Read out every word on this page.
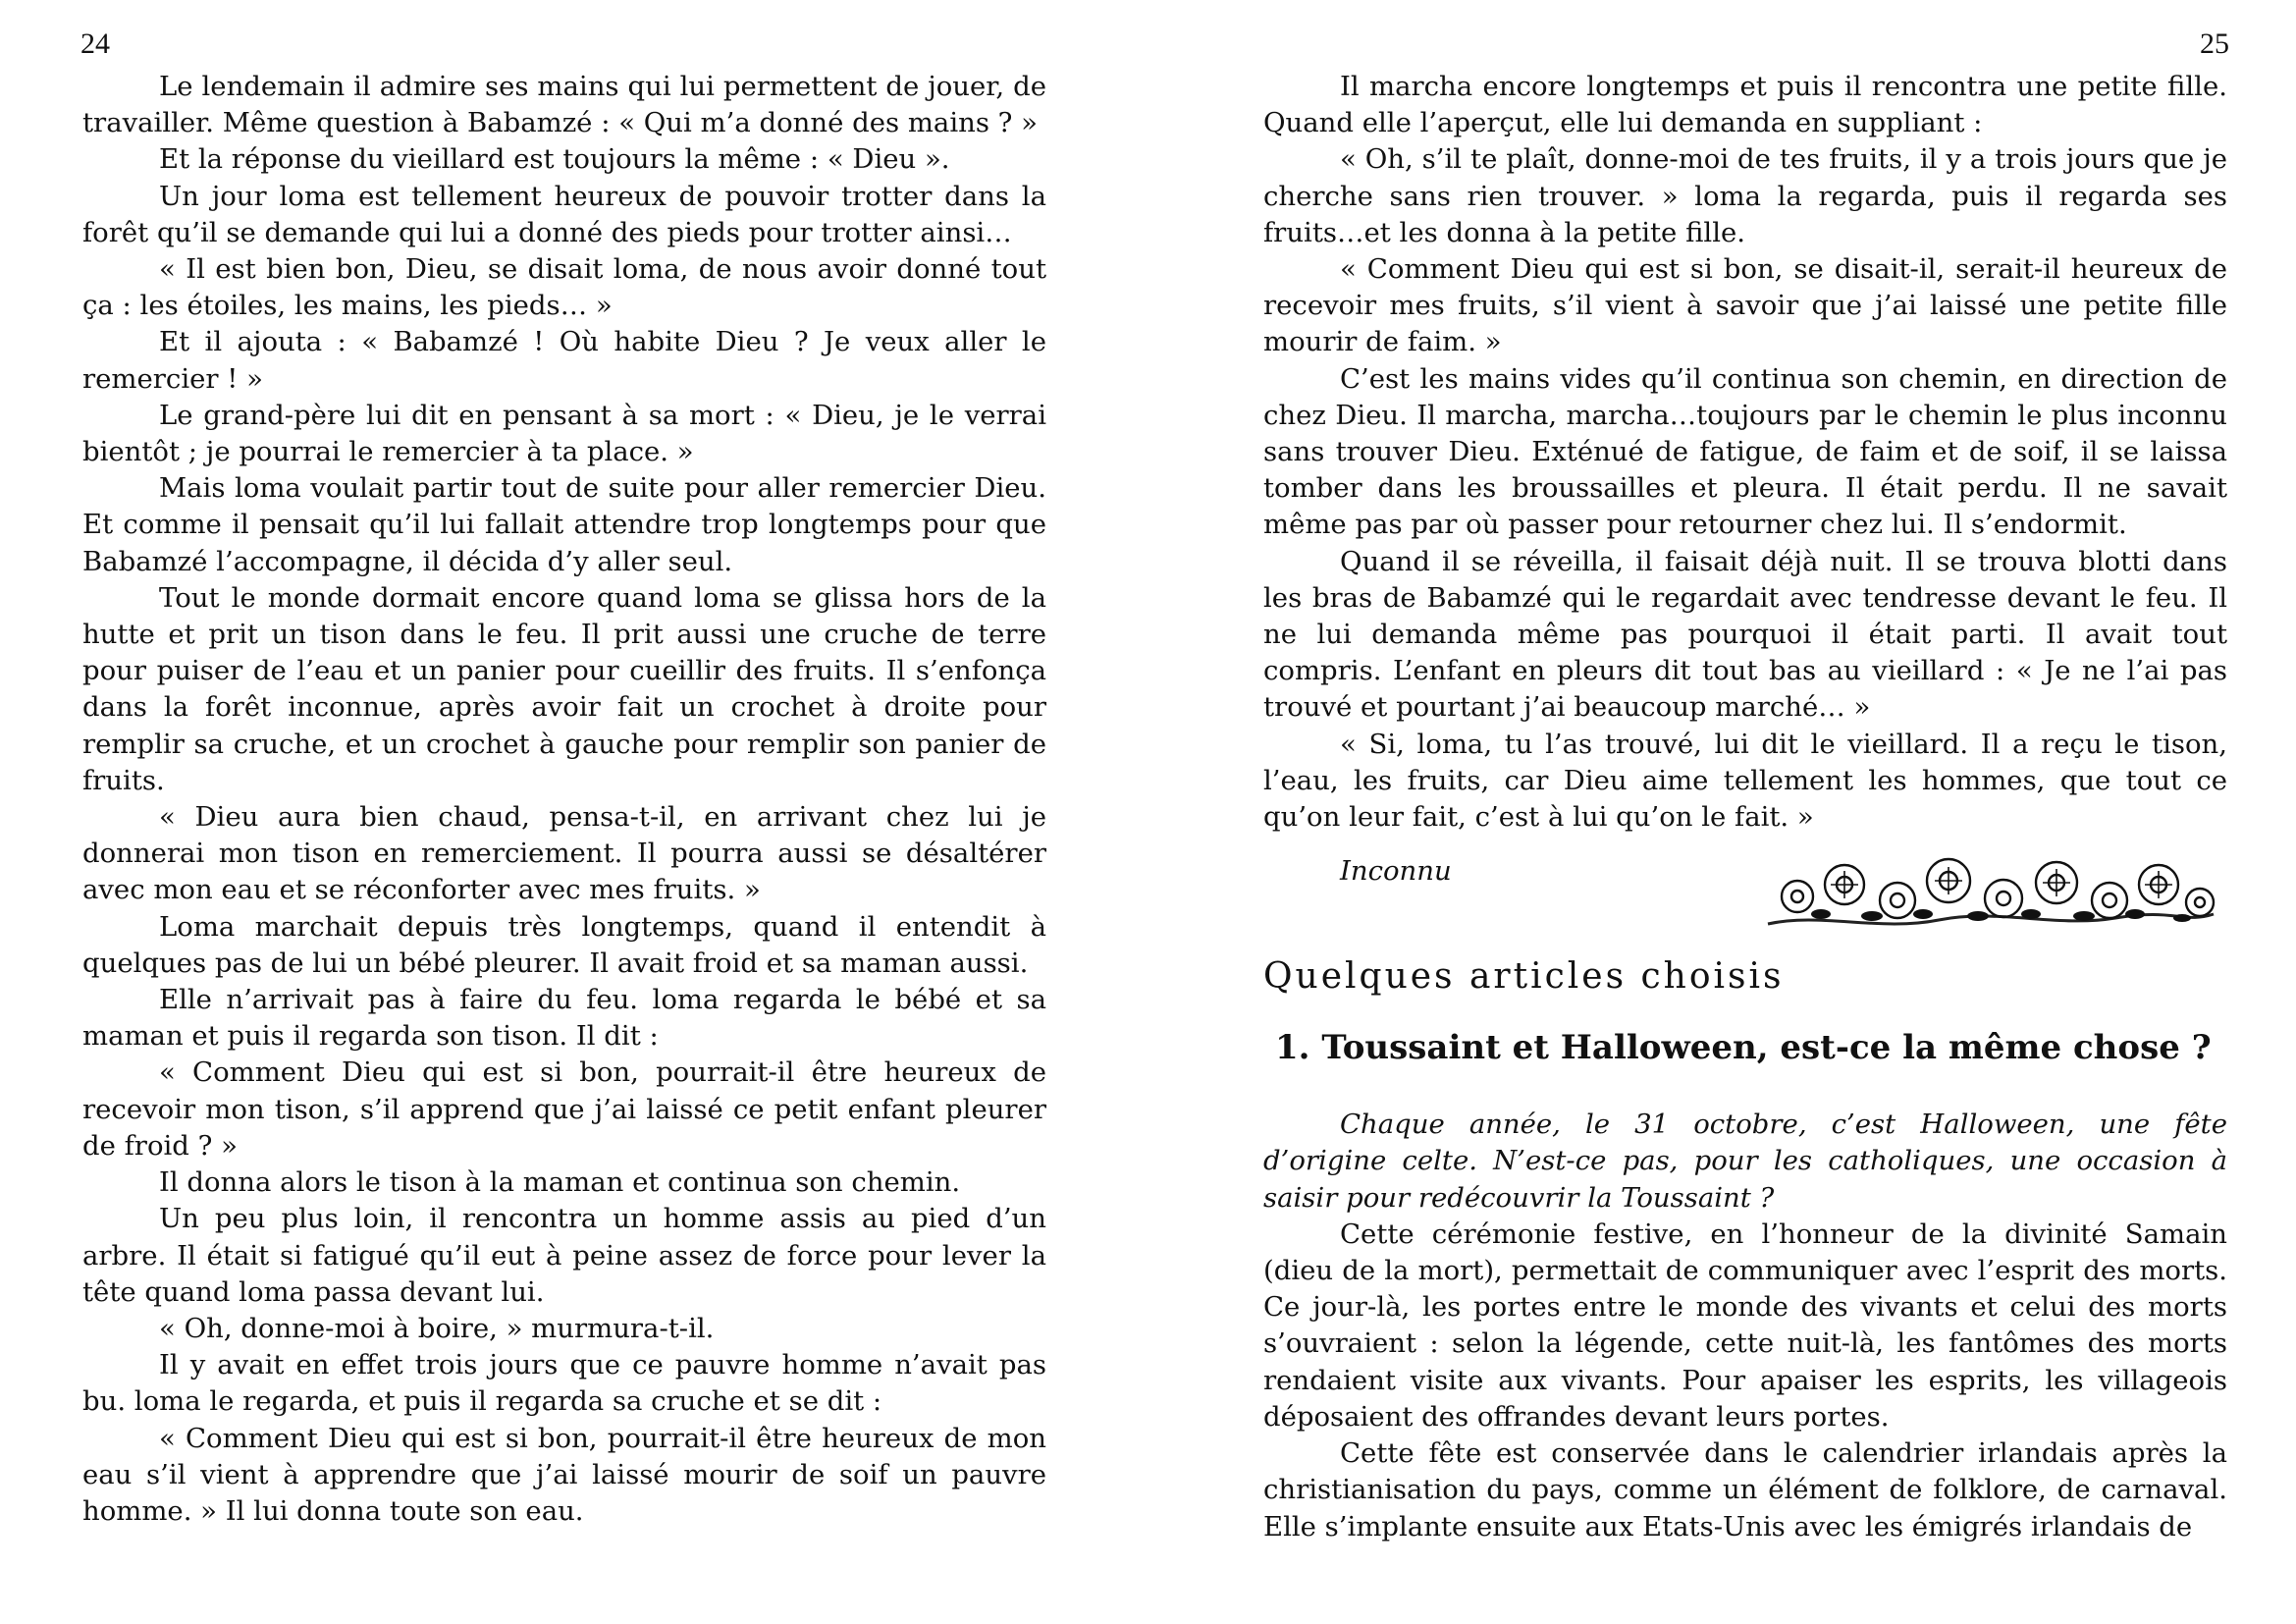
24

Le lendemain il admire ses mains qui lui permettent de jouer, de travailler. Même question à Babamzé : « Qui m’a donné des mains ? »

Et la réponse du vieillard est toujours la même : « Dieu ».

Un jour loma est tellement heureux de pouvoir trotter dans la forêt qu’il se demande qui lui a donné des pieds pour trotter ainsi…

« Il est bien bon, Dieu, se disait loma, de nous avoir donné tout ça : les étoiles, les mains, les pieds… »

Et il ajouta : « Babamzé ! Où habite Dieu ? Je veux aller le remercier ! »

Le grand-père lui dit en pensant à sa mort : « Dieu, je le verrai bientôt ; je pourrai le remercier à ta place. »

Mais loma voulait partir tout de suite pour aller remercier Dieu. Et comme il pensait qu’il lui fallait attendre trop longtemps pour que Babamzé l’accompagne, il décida d’y aller seul.

Tout le monde dormait encore quand loma se glissa hors de la hutte et prit un tison dans le feu. Il prit aussi une cruche de terre pour puiser de l’eau et un panier pour cueillir des fruits. Il s’enfonça dans la forêt inconnue, après avoir fait un crochet à droite pour remplir sa cruche, et un crochet à gauche pour remplir son panier de fruits.

« Dieu aura bien chaud, pensa-t-il, en arrivant chez lui je donnerai mon tison en remerciement. Il pourra aussi se désaltérer avec mon eau et se réconforter avec mes fruits. »

Loma marchait depuis très longtemps, quand il entendit à quelques pas de lui un bébé pleurer. Il avait froid et sa maman aussi.

Elle n’arrivait pas à faire du feu. loma regarda le bébé et sa maman et puis il regarda son tison. Il dit :

« Comment Dieu qui est si bon, pourrait-il être heureux de recevoir mon tison, s’il apprend que j’ai laissé ce petit enfant pleurer de froid ? »

Il donna alors le tison à la maman et continua son chemin.

Un peu plus loin, il rencontra un homme assis au pied d’un arbre. Il était si fatigué qu’il eut à peine assez de force pour lever la tête quand loma passa devant lui.

« Oh, donne-moi à boire, » murmura-t-il.

Il y avait en effet trois jours que ce pauvre homme n’avait pas bu. loma le regarda, et puis il regarda sa cruche et se dit :

« Comment Dieu qui est si bon, pourrait-il être heureux de mon eau s’il vient à apprendre que j’ai laissé mourir de soif un pauvre homme. » Il lui donna toute son eau.

25

Il marcha encore longtemps et puis il rencontra une petite fille. Quand elle l’aperçut, elle lui demanda en suppliant :

« Oh, s’il te plaît, donne-moi de tes fruits, il y a trois jours que je cherche sans rien trouver. » loma la regarda, puis il regarda ses fruits…et les donna à la petite fille.

« Comment Dieu qui est si bon, se disait-il, serait-il heureux de recevoir mes fruits, s’il vient à savoir que j’ai laissé une petite fille mourir de faim. »

C’est les mains vides qu’il continua son chemin, en direction de chez Dieu. Il marcha, marcha…toujours par le chemin le plus inconnu sans trouver Dieu. Exténué de fatigue, de faim et de soif, il se laissa tomber dans les broussailles et pleura. Il était perdu. Il ne savait même pas par où passer pour retourner chez lui. Il s’endormit.

Quand il se réveilla, il faisait déjà nuit. Il se trouva blotti dans les bras de Babamzé qui le regardait avec tendresse devant le feu. Il ne lui demanda même pas pourquoi il était parti. Il avait tout compris. L’enfant en pleurs dit tout bas au vieillard : « Je ne l’ai pas trouvé et pourtant j’ai beaucoup marché… »

« Si, loma, tu l’as trouvé, lui dit le vieillard. Il a reçu le tison, l’eau, les fruits, car Dieu aime tellement les hommes, que tout ce qu’on leur fait, c’est à lui qu’on le fait. »

Inconnu
Quelques articles choisis
1. Toussaint et Halloween, est-ce la même chose ?

Chaque année, le 31 octobre, c’est Halloween, une fête d’origine celte. N’est-ce pas, pour les catholiques, une occasion à saisir pour redécouvrir la Toussaint ?

Cette cérémonie festive, en l’honneur de la divinité Samain (dieu de la mort), permettait de communiquer avec l’esprit des morts. Ce jour-là, les portes entre le monde des vivants et celui des morts s’ouvraient : selon la légende, cette nuit-là, les fantômes des morts rendaient visite aux vivants. Pour apaiser les esprits, les villageois déposaient des offrandes devant leurs portes.

Cette fête est conservée dans le calendrier irlandais après la christianisation du pays, comme un élément de folklore, de carnaval. Elle s’implante ensuite aux Etats-Unis avec les émigrés irlandais de
